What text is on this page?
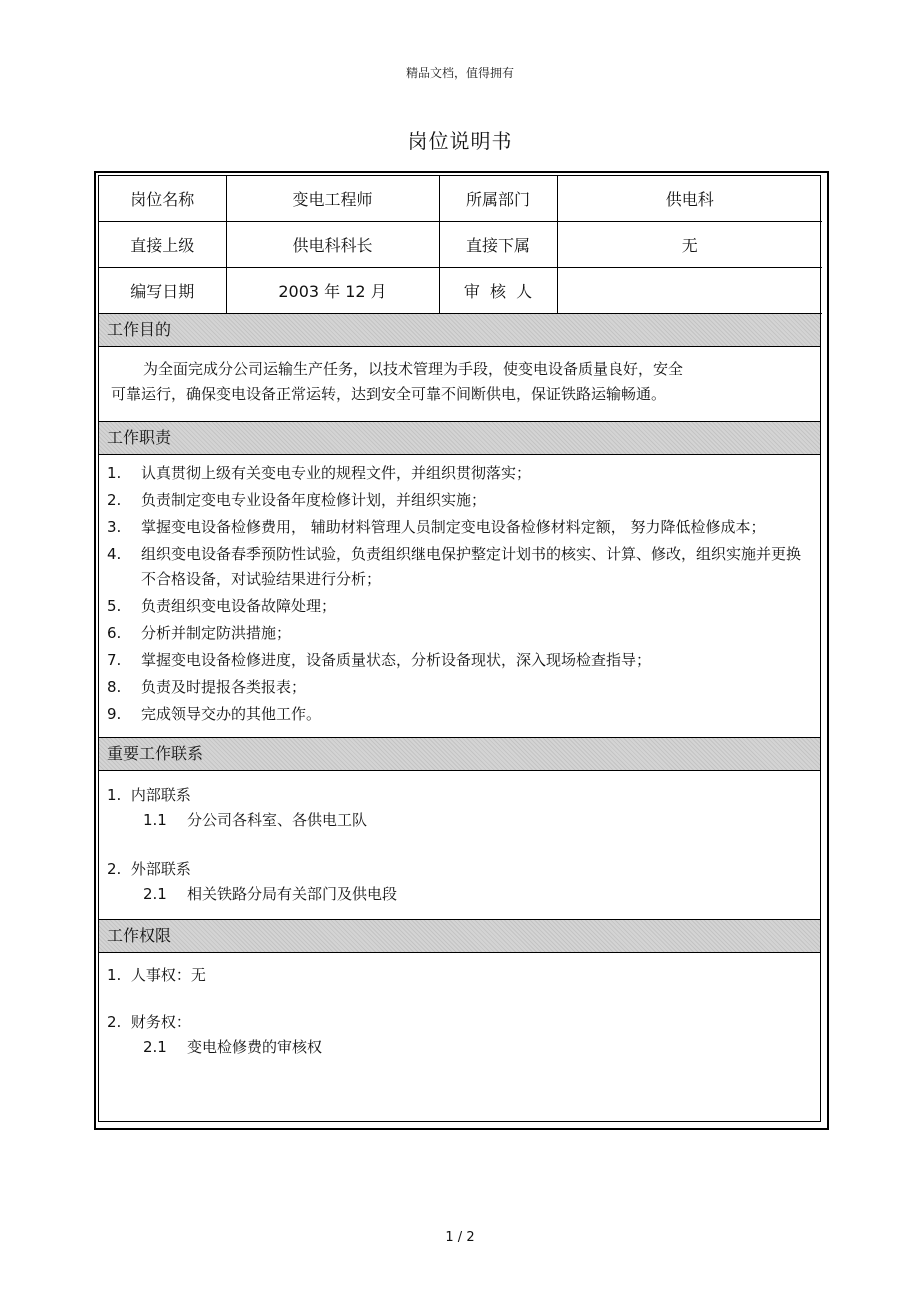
精品文档，值得拥有
岗位说明书
岗位名称	变电工程师	所属部门	供电科
直接上级	供电科科长	直接下属	无
编写日期	2003 年 12 月	审  核  人	
工作目的

为全面完成分公司运输生产任务，以技术管理为手段，使变电设备质量良好，安全

可靠运行，确保变电设备正常运转，达到安全可靠不间断供电，保证铁路运输畅通。

工作职责
1.	认真贯彻上级有关变电专业的规程文件，并组织贯彻落实；
2.	负责制定变电专业设备年度检修计划，并组织实施；
3.	掌握变电设备检修费用， 辅助材料管理人员制定变电设备检修材料定额， 努力降低检修成本；
4.	组织变电设备春季预防性试验，负责组织继电保护整定计划书的核实、计算、修改，组织实施并更换不合格设备，对试验结果进行分析；
5.	负责组织变电设备故障处理；
6.	分析并制定防洪措施；
7.	掌握变电设备检修进度，设备质量状态，分析设备现状，深入现场检查指导；
8.	负责及时提报各类报表；
9.	完成领导交办的其他工作。
重要工作联系
1.  内部联系
1.1 分公司各科室、各供电工队
2.  外部联系
2.1 相关铁路分局有关部门及供电段
工作权限
1.  人事权：无
2.  财务权：
2.1 变电检修费的审核权
1 / 2
